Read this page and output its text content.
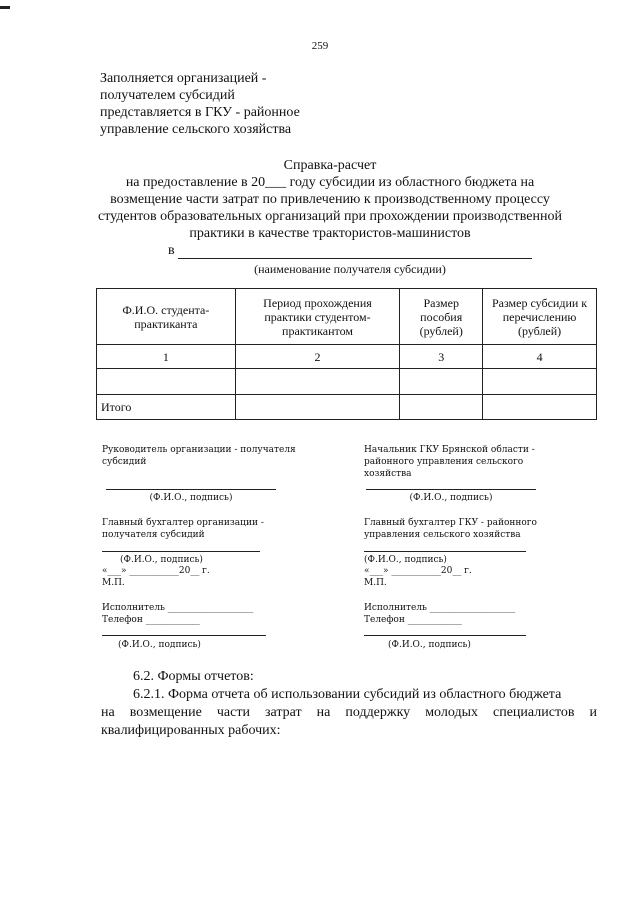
259
Заполняется организацией -
получателем субсидий
представляется в ГКУ - районное
управление сельского хозяйства
Справка-расчет
на предоставление в 20___ году субсидии из областного бюджета на
возмещение части затрат по привлечению к производственному процессу
студентов образовательных организаций при прохождении производственной
практики в качестве трактористов-машинистов
в
(наименование получателя субсидии)
Ф.И.О. студента-практиканта	Период прохождения практики студентом-практикантом	Размер пособия (рублей)	Размер субсидии к перечислению (рублей)
1	2	3	4

Итого			
Руководитель организации - получателя
субсидий
(Ф.И.О., подпись)
Главный бухгалтер организации -
получателя субсидий
(Ф.И.О., подпись)
«___» ___________20__ г.
М.П.
Исполнитель ___________________
Телефон ____________
(Ф.И.О., подпись)
Начальник ГКУ Брянской области -
районного управления сельского
хозяйства
(Ф.И.О., подпись)
Главный бухгалтер ГКУ - районного
управления сельского хозяйства
(Ф.И.О., подпись)
«___» ___________20__ г.
М.П.
Исполнитель ___________________
Телефон ____________
(Ф.И.О., подпись)
6.2. Формы отчетов:
6.2.1. Форма отчета об использовании субсидий из областного бюджета
на возмещение части затрат на поддержку молодых специалистов и
квалифицированных рабочих:
